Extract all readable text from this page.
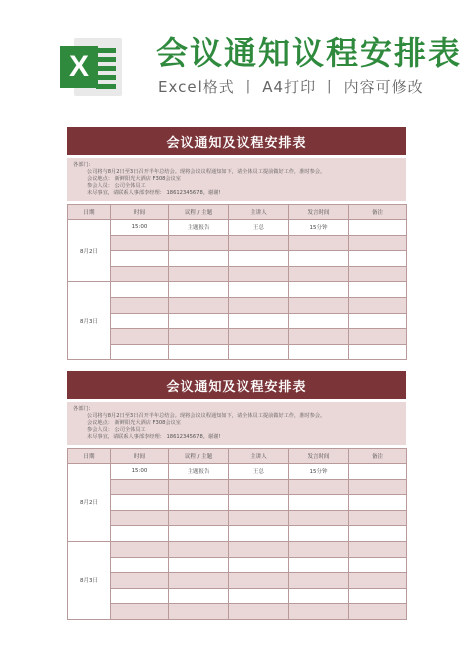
X 会议通知议程安排表
Excel格式 丨 A4打印 丨 内容可修改
会议通知及议程安排表
各部门:
公司将与8月2日至3日召开半年总结会。现将会议议程通知如下，请全体员工提前做好工作，准时参会。
会议地点： 新鲜阳光大酒店 F308会议室
参会人员： 公司全体员工
未尽事宜，请联系人事部李经理： 18612345678。谢谢!
日期	时间	议程 / 主题	主讲人	发言时间	备注
8月2日	15:00	主题报告	王总	15分钟	

8月3日					

会议通知及议程安排表
各部门:
公司将与8月2日至3日召开半年总结会。现将会议议程通知如下，请全体员工提前做好工作，准时参会。
会议地点： 新鲜阳光大酒店 F308会议室
参会人员： 公司全体员工
未尽事宜，请联系人事部李经理： 18612345678。谢谢!
日期	时间	议程 / 主题	主讲人	发言时间	备注
8月2日	15:00	主题报告	王总	15分钟	

8月3日					
